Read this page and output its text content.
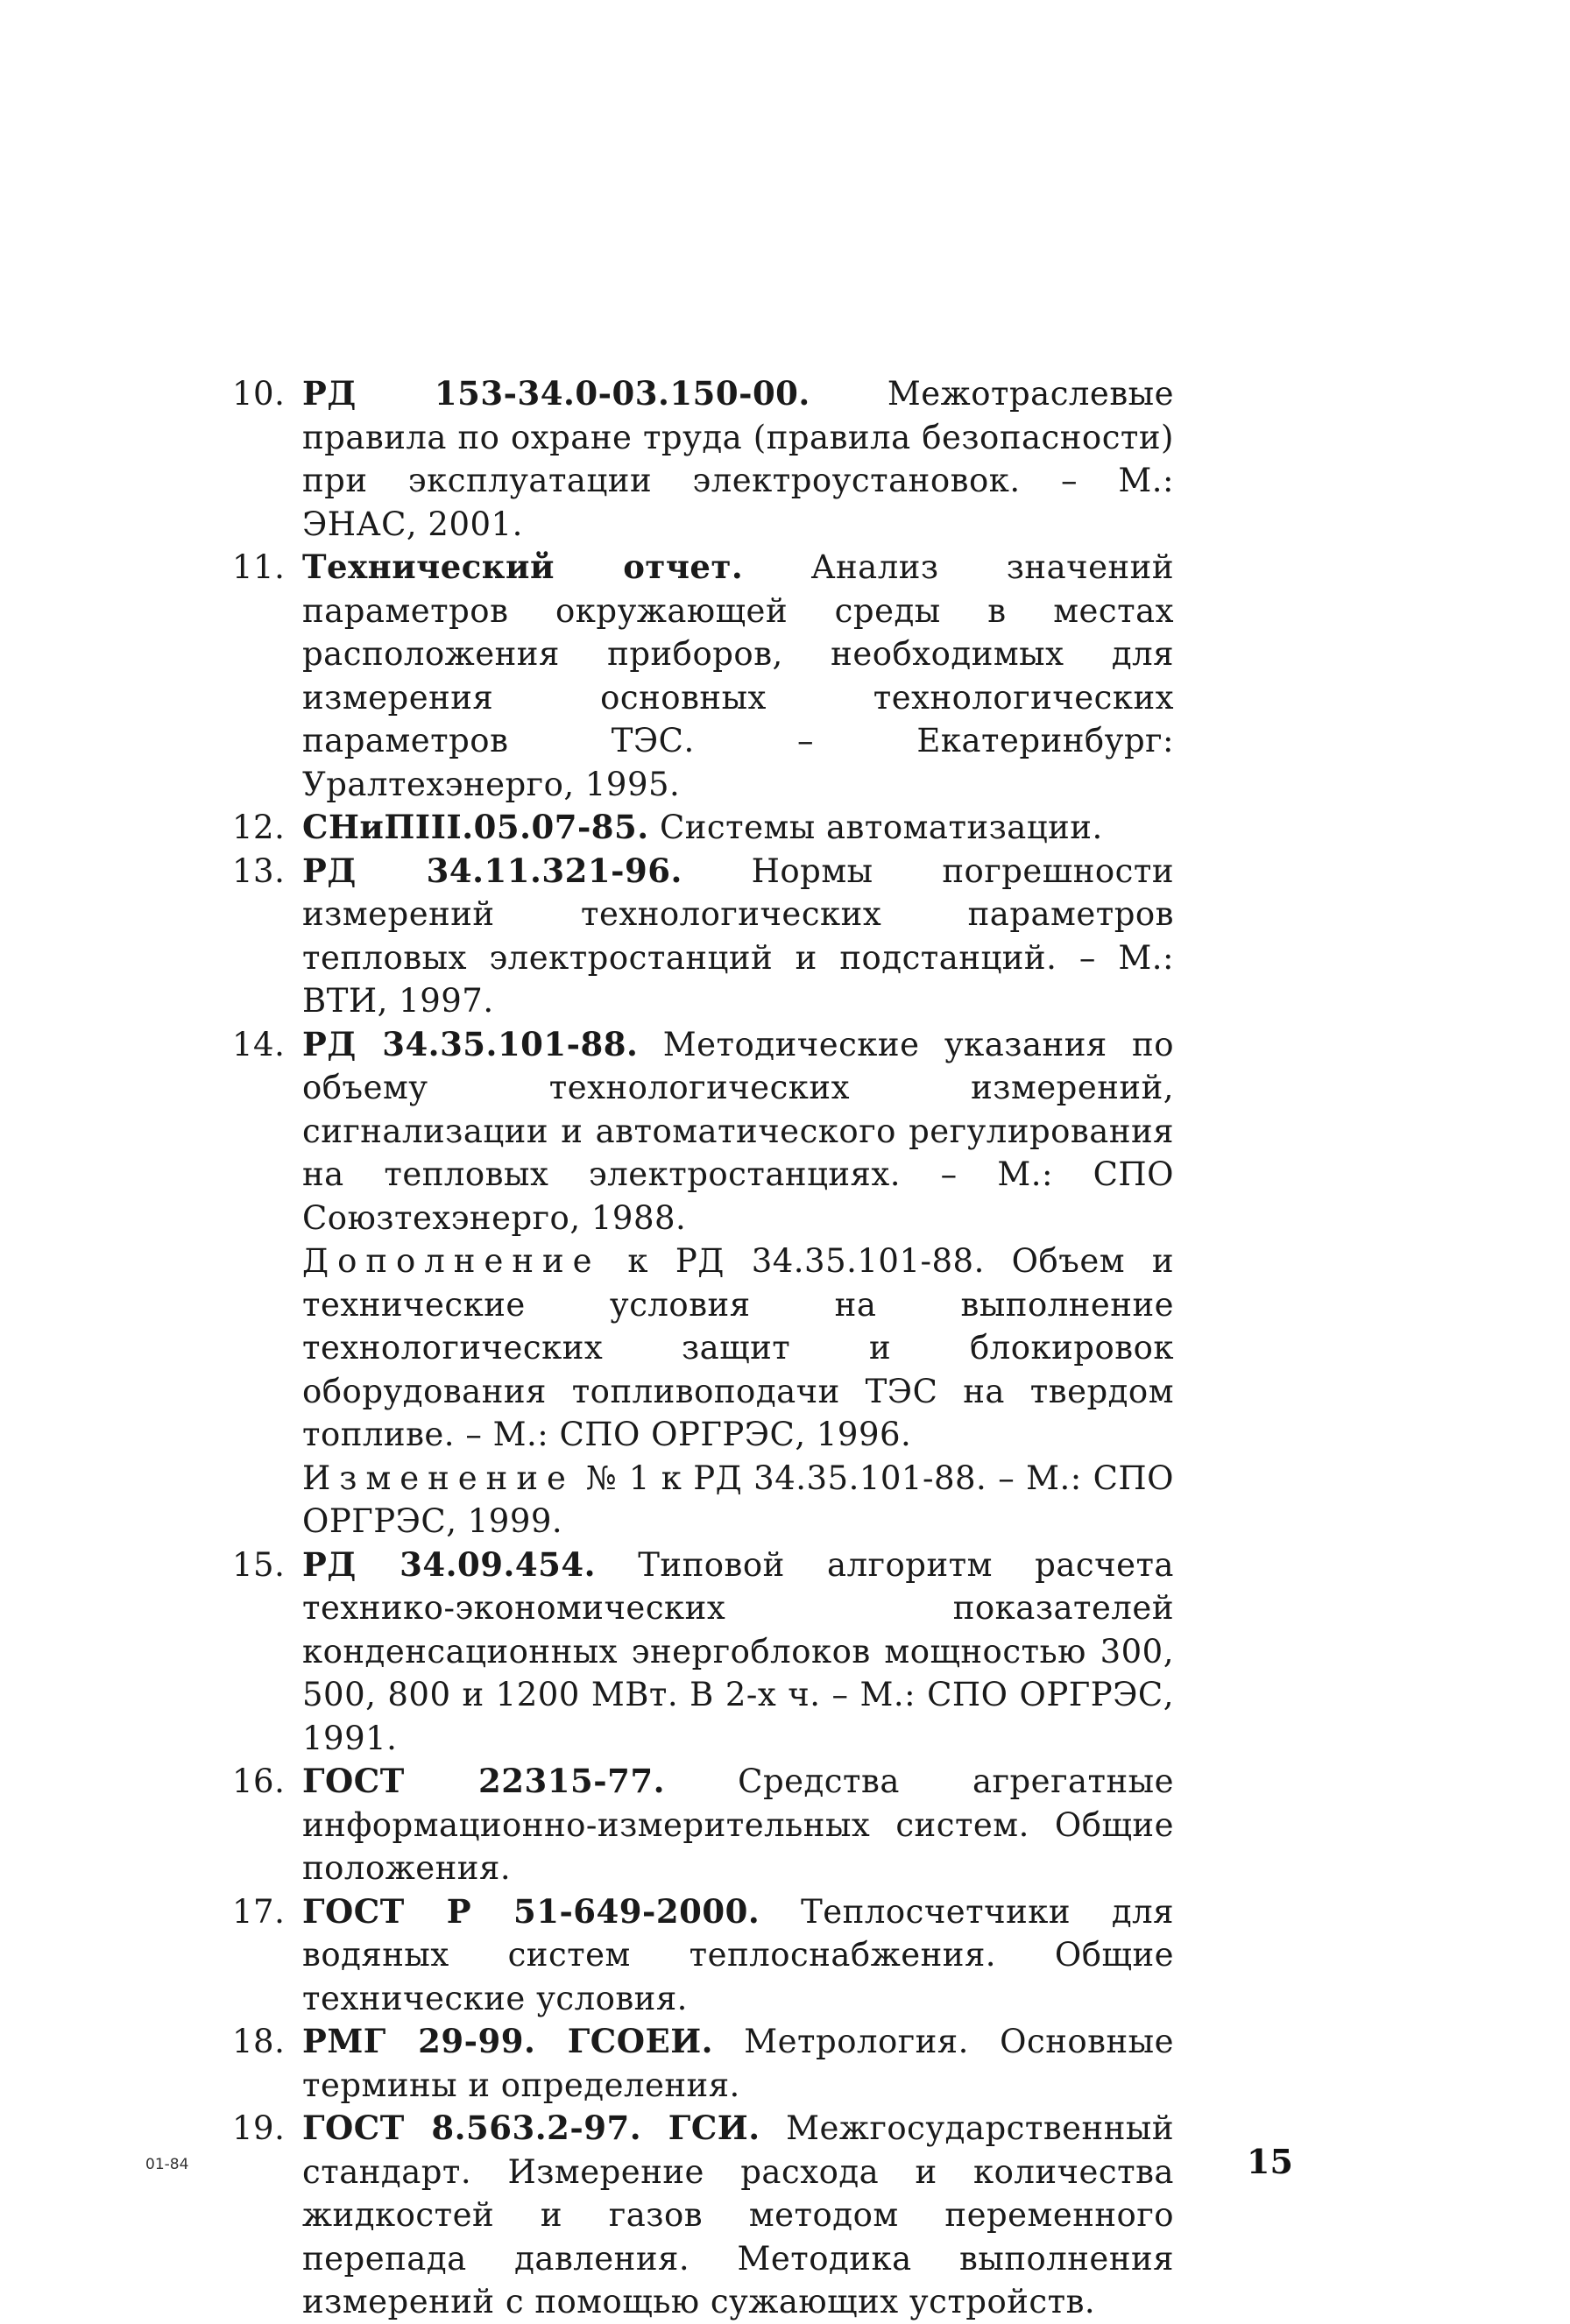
10. РД 153-34.0-03.150-00. Межотраслевые правила по охране труда (правила безопасности) при эксплуатации электроустановок. – М.: ЭНАС, 2001.
11. Технический отчет. Анализ значений параметров окружающей среды в местах расположения приборов, необходимых для измерения основных технологических параметров ТЭС. – Екатеринбург: Уралтехэнерго, 1995.
12. СНиПIII.05.07-85. Системы автоматизации.
13. РД 34.11.321-96. Нормы погрешности измерений технологических параметров тепловых электростанций и подстанций. – М.: ВТИ, 1997.
14. РД 34.35.101-88. Методические указания по объему технологических измерений, сигнализации и автоматического регулирования на тепловых электростанциях. – М.: СПО Союзтехэнерго, 1988.
Дополнение к РД 34.35.101-88. Объем и технические условия на выполнение технологических защит и блокировок оборудования топливоподачи ТЭС на твердом топливе. – М.: СПО ОРГРЭС, 1996.
Изменение № 1 к РД 34.35.101-88. – М.: СПО ОРГРЭС, 1999.
15. РД 34.09.454. Типовой алгоритм расчета технико-экономических показателей конденсационных энергоблоков мощностью 300, 500, 800 и 1200 МВт. В 2-х ч. – М.: СПО ОРГРЭС, 1991.
16. ГОСТ 22315-77. Средства агрегатные информационно-измерительных систем. Общие положения.
17. ГОСТ Р 51-649-2000. Теплосчетчики для водяных систем теплоснабжения. Общие технические условия.
18. РМГ 29-99. ГСОЕИ. Метрология. Основные термины и определения.
19. ГОСТ 8.563.2-97. ГСИ. Межгосударственный стандарт. Измерение расхода и количества жидкостей и газов методом переменного перепада давления. Методика выполнения измерений с помощью сужающих устройств.
01-84	15
